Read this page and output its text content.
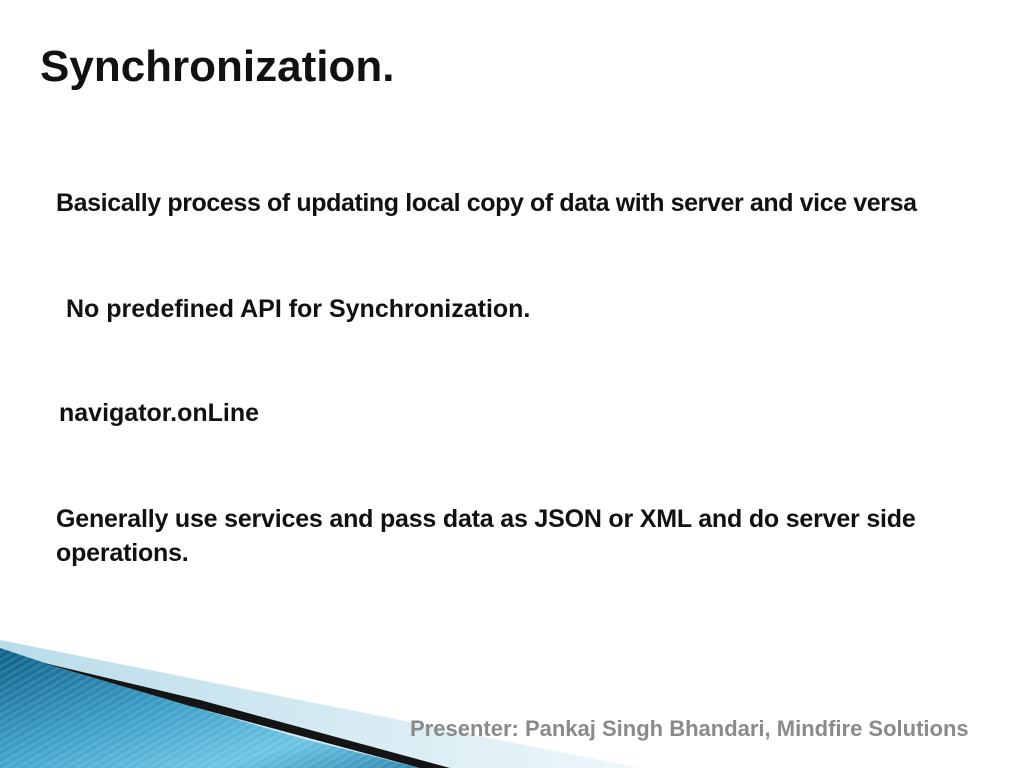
Synchronization.

Basically process of updating local copy of data with server and vice versa

No predefined API for Synchronization.

navigator.onLine

Generally use services and pass data as JSON or XML and do server side operations.

Presenter: Pankaj Singh Bhandari, Mindfire Solutions
